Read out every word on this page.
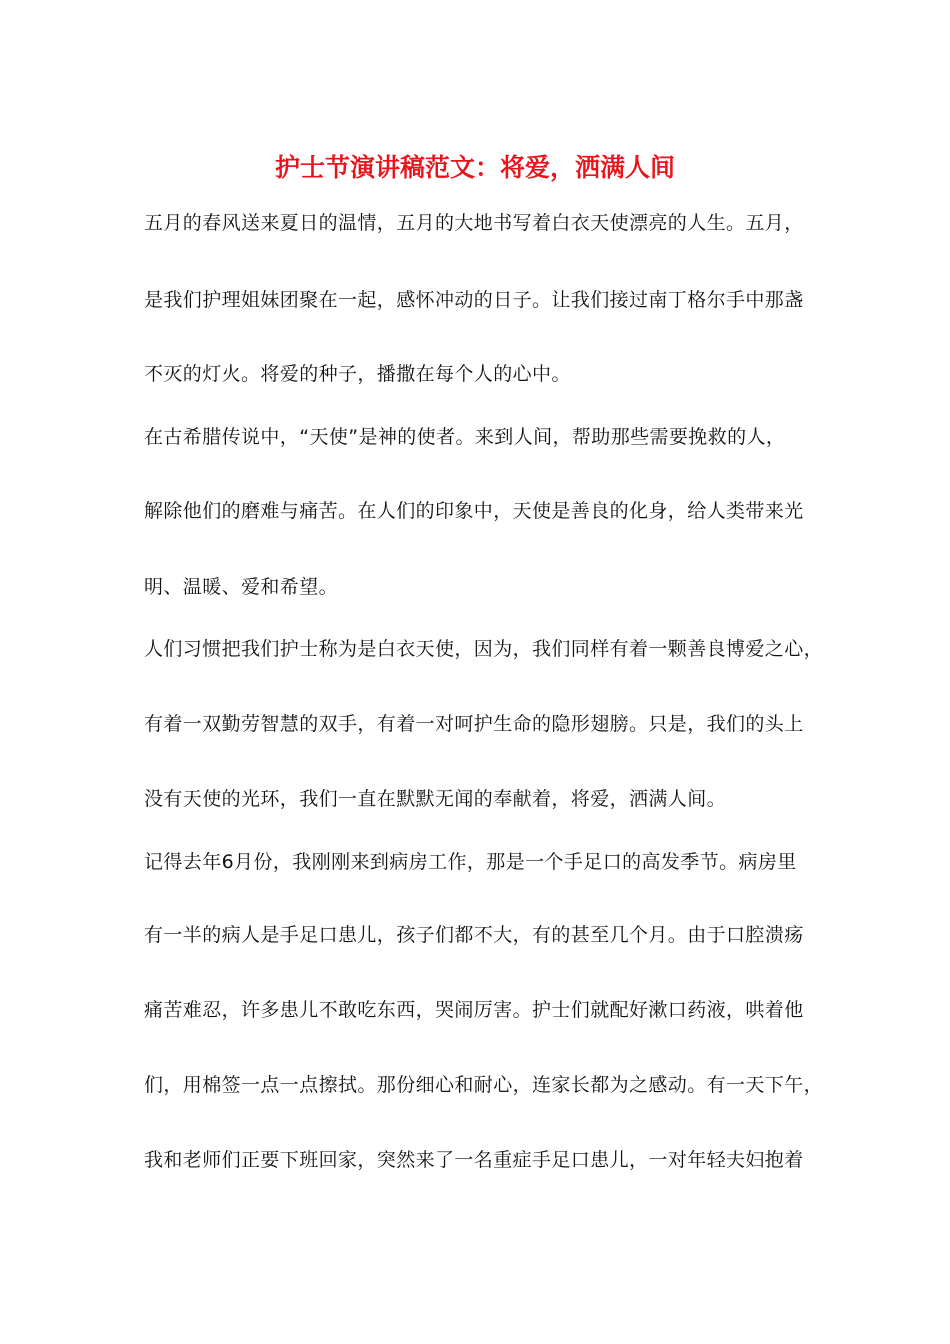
护士节演讲稿范文：将爱，洒满人间
五月的春风送来夏日的温情，五月的大地书写着白衣天使漂亮的人生。五月，
是我们护理姐妹团聚在一起，感怀冲动的日子。让我们接过南丁格尔手中那盏
不灭的灯火。将爱的种子，播撒在每个人的心中。
在古希腊传说中，“天使”是神的使者。来到人间，帮助那些需要挽救的人，
解除他们的磨难与痛苦。在人们的印象中，天使是善良的化身，给人类带来光
明、温暖、爱和希望。
人们习惯把我们护士称为是白衣天使，因为，我们同样有着一颗善良博爱之心，
有着一双勤劳智慧的双手，有着一对呵护生命的隐形翅膀。只是，我们的头上
没有天使的光环，我们一直在默默无闻的奉献着，将爱，洒满人间。
记得去年6月份，我刚刚来到病房工作，那是一个手足口的高发季节。病房里
有一半的病人是手足口患儿，孩子们都不大，有的甚至几个月。由于口腔溃疡
痛苦难忍，许多患儿不敢吃东西，哭闹厉害。护士们就配好漱口药液，哄着他
们，用棉签一点一点擦拭。那份细心和耐心，连家长都为之感动。有一天下午，
我和老师们正要下班回家，突然来了一名重症手足口患儿，一对年轻夫妇抱着
